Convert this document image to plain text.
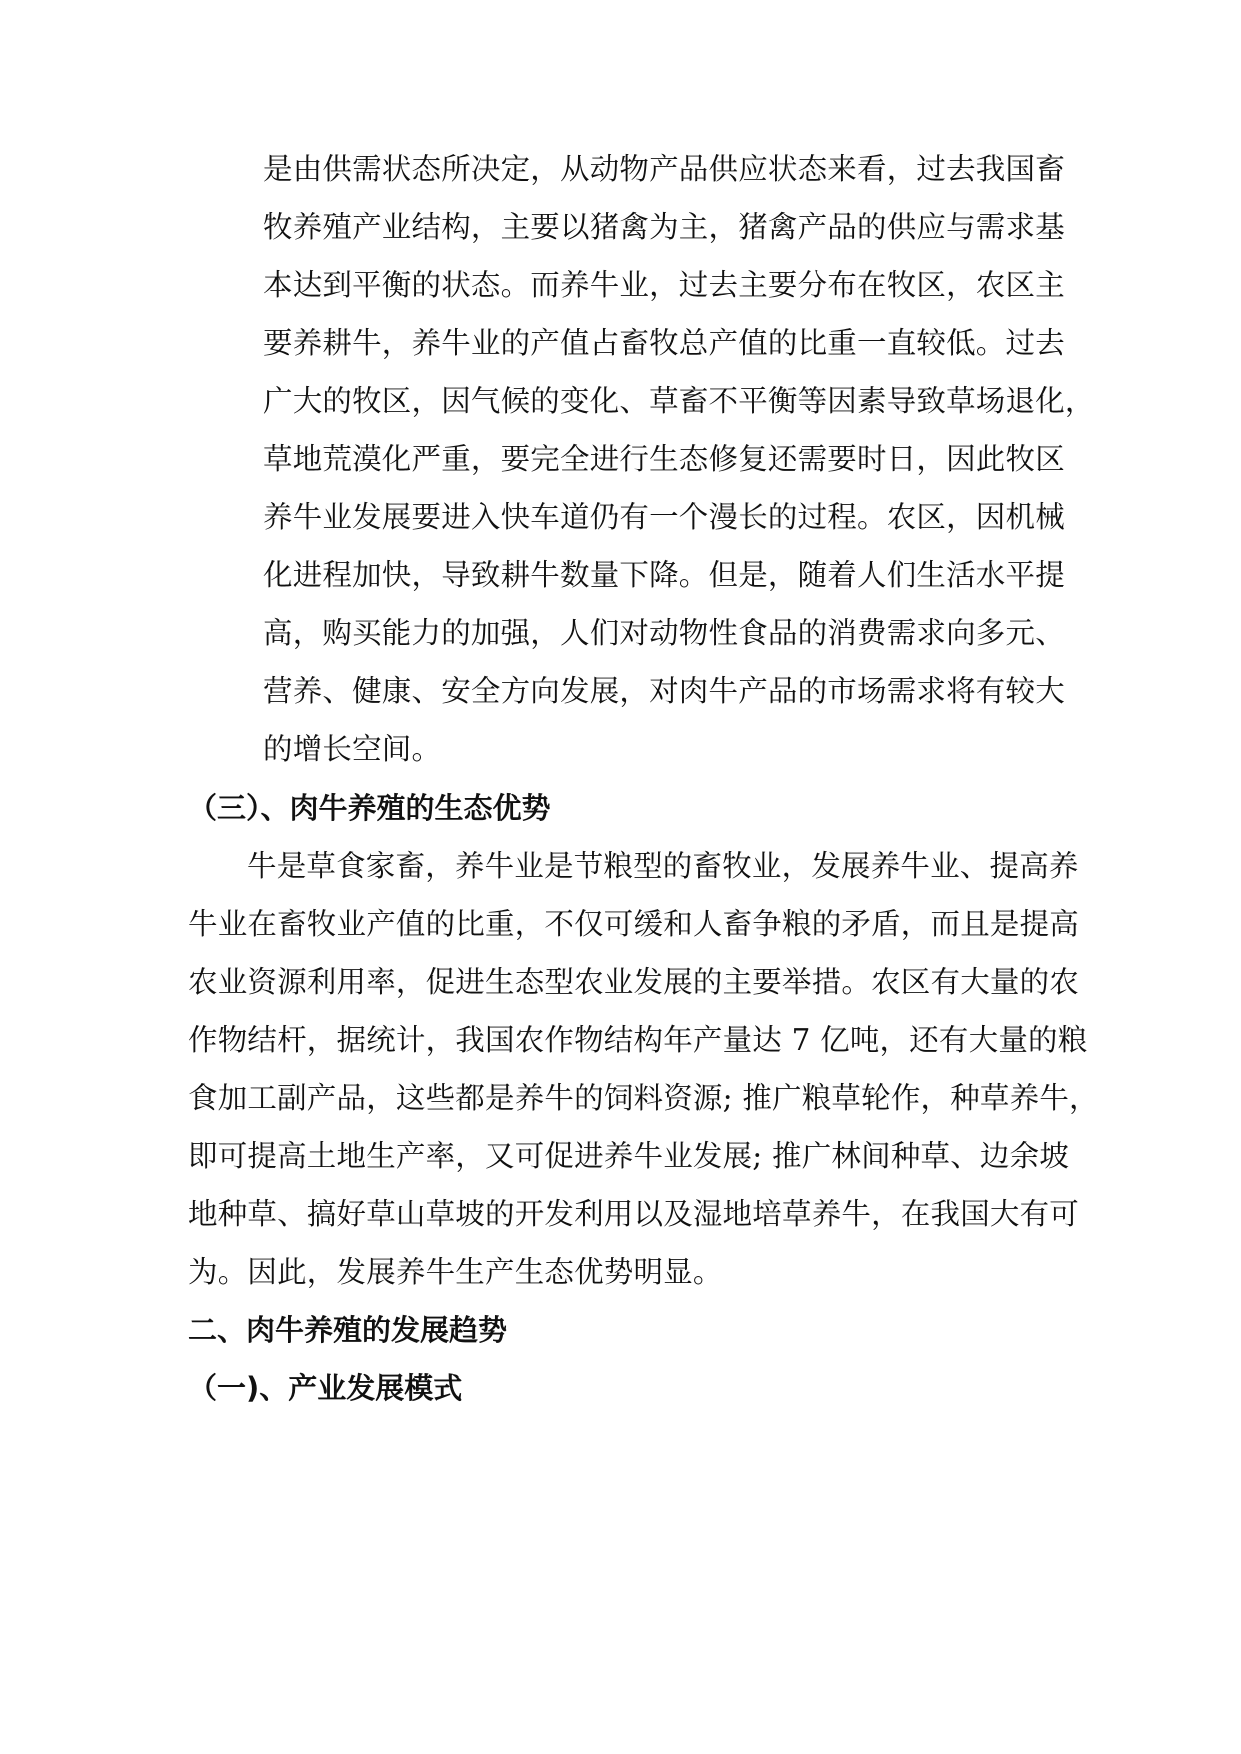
是由供需状态所决定，从动物产品供应状态来看，过去我国畜
牧养殖产业结构，主要以猪禽为主，猪禽产品的供应与需求基
本达到平衡的状态。而养牛业，过去主要分布在牧区，农区主
要养耕牛，养牛业的产值占畜牧总产值的比重一直较低。过去
广大的牧区，因气候的变化、草畜不平衡等因素导致草场退化，
草地荒漠化严重，要完全进行生态修复还需要时日，因此牧区
养牛业发展要进入快车道仍有一个漫长的过程。农区，因机械
化进程加快，导致耕牛数量下降。但是，随着人们生活水平提
高，购买能力的加强，人们对动物性食品的消费需求向多元、
营养、健康、安全方向发展，对肉牛产品的市场需求将有较大
的增长空间。
（三）、肉牛养殖的生态优势
牛是草食家畜，养牛业是节粮型的畜牧业，发展养牛业、提高养
牛业在畜牧业产值的比重，不仅可缓和人畜争粮的矛盾，而且是提高
农业资源利用率，促进生态型农业发展的主要举措。农区有大量的农
作物结杆，据统计，我国农作物结构年产量达 7 亿吨，还有大量的粮
食加工副产品，这些都是养牛的饲料资源; 推广粮草轮作，种草养牛，
即可提高土地生产率，又可促进养牛业发展; 推广林间种草、边余坡
地种草、搞好草山草坡的开发利用以及湿地培草养牛，在我国大有可
为。因此，发展养牛生产生态优势明显。
二、肉牛养殖的发展趋势
（一)、产业发展模式
